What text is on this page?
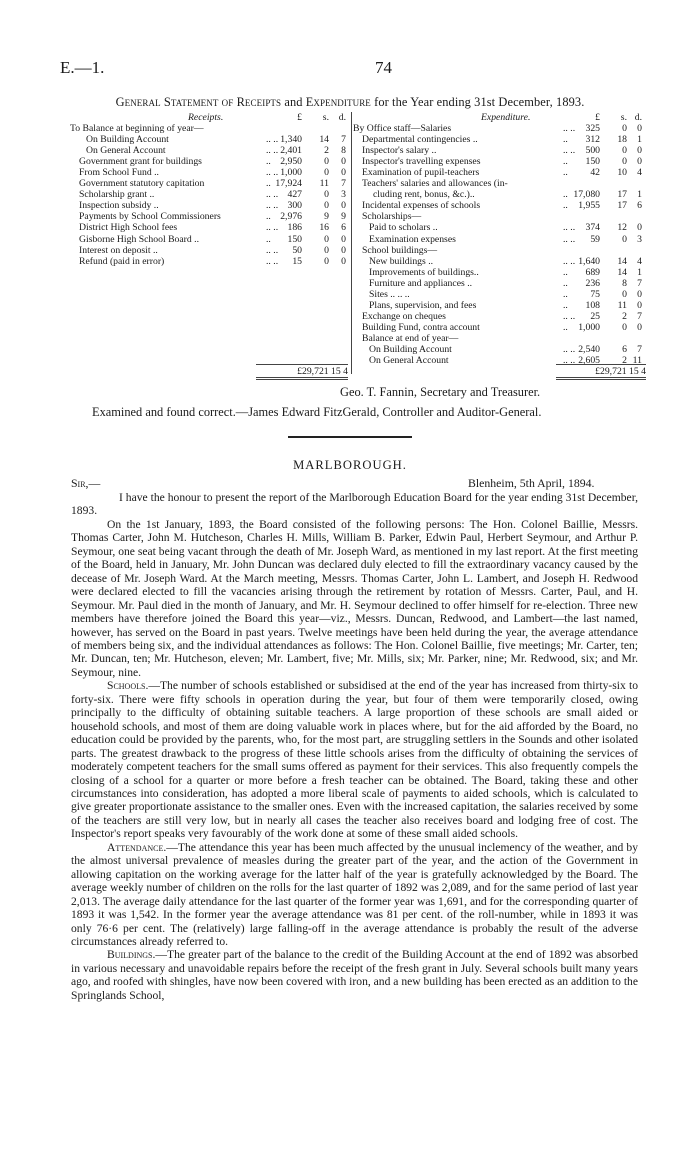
E.—1.	74
General Statement of Receipts and Expenditure for the Year ending 31st December, 1893.
Receipts.	£	s.	d.
To Balance at beginning of year—
On Building Account	.. .. 1,340	14	7
On General Account	.. .. 2,401	2	8
Government grant for buildings	.. 2,950	0	0
From School Fund ..	.. .. 1,000	0	0
Government statutory capitation	.. 17,924	11	7
Scholarship grant ..	.. .. 427	0	3
Inspection subsidy ..	.. .. 300	0	0
Payments by School Commissioners	.. 2,976	9	9
District High School fees	.. .. 186	16	6
Gisborne High School Board ..	..	150	0	0
Interest on deposit ..	.. ..	50	0	0
Refund (paid in error)	.. ..	15	0	0
Expenditure.	£	s. d.
By Office staff—Salaries	.. ..	325	0	0
Departmental contingencies ..	..	312	18	1
Inspector's salary ..	.. ..	500	0	0
Inspector's travelling expenses	..	150	0	0
Examination of pupil-teachers	..	42	10	4
Teachers' salaries and allowances (in-
cluding rent, bonus, &c.)..	.. 17,080	17	1
Incidental expenses of schools	..	1,955	17	6
Scholarships—
Paid to scholars ..	.. ..	374	12	0
Examination expenses	.. ..	59	0	3
School buildings—
New buildings ..	.. .. 1,640	14	4
Improvements of buildings..	..	689	14	1
Furniture and appliances ..	..	236	8	7
Sites .. .. ..	..	75	0	0
Plans, supervision, and fees	..	108	11	0
Exchange on cheques	.. ..	25	2	7
Building Fund, contra account	..	1,000	0	0
Balance at end of year—
On Building Account	.. .. 2,540	6	7
On General Account	.. .. 2,605	2 11
£29,721 15 4	£29,721 15 4
Geo. T. Fannin, Secretary and Treasurer.
Examined and found correct.—James Edward FitzGerald, Controller and Auditor-General.
MARLBOROUGH.
Sir,—	Blenheim, 5th April, 1894.

I have the honour to present the report of the Marlborough Education Board for the year ending 31st December, 1893.

On the 1st January, 1893, the Board consisted of the following persons: The Hon. Colonel Baillie, Messrs. Thomas Carter, John M. Hutcheson, Charles H. Mills, William B. Parker, Edwin Paul, Herbert Seymour, and Arthur P. Seymour, one seat being vacant through the death of Mr. Joseph Ward, as mentioned in my last report. At the first meeting of the Board, held in January, Mr. John Duncan was declared duly elected to fill the extraordinary vacancy caused by the decease of Mr. Joseph Ward. At the March meeting, Messrs. Thomas Carter, John L. Lambert, and Joseph H. Redwood were declared elected to fill the vacancies arising through the retirement by rotation of Messrs. Carter, Paul, and H. Seymour. Mr. Paul died in the month of January, and Mr. H. Seymour declined to offer himself for re-election. Three new members have therefore joined the Board this year—viz., Messrs. Duncan, Redwood, and Lambert—the last named, however, has served on the Board in past years. Twelve meetings have been held during the year, the average attendance of members being six, and the individual attendances as follows: The Hon. Colonel Baillie, five meetings; Mr. Carter, ten; Mr. Duncan, ten; Mr. Hutcheson, eleven; Mr. Lambert, five; Mr. Mills, six; Mr. Parker, nine; Mr. Redwood, six; and Mr. Seymour, nine.

Schools.—The number of schools established or subsidised at the end of the year has increased from thirty-six to forty-six. There were fifty schools in operation during the year, but four of them were temporarily closed, owing principally to the difficulty of obtaining suitable teachers. A large proportion of these schools are small aided or household schools, and most of them are doing valuable work in places where, but for the aid afforded by the Board, no education could be provided by the parents, who, for the most part, are struggling settlers in the Sounds and other isolated parts. The greatest drawback to the progress of these little schools arises from the difficulty of obtaining the services of moderately competent teachers for the small sums offered as payment for their services. This also frequently compels the closing of a school for a quarter or more before a fresh teacher can be obtained. The Board, taking these and other circumstances into consideration, has adopted a more liberal scale of payments to aided schools, which is calculated to give greater proportionate assistance to the smaller ones. Even with the increased capitation, the salaries received by some of the teachers are still very low, but in nearly all cases the teacher also receives board and lodging free of cost. The Inspector's report speaks very favourably of the work done at some of these small aided schools.

Attendance.—The attendance this year has been much affected by the unusual inclemency of the weather, and by the almost universal prevalence of measles during the greater part of the year, and the action of the Government in allowing capitation on the working average for the latter half of the year is gratefully acknowledged by the Board. The average weekly number of children on the rolls for the last quarter of 1892 was 2,089, and for the same period of last year 2,013. The average daily attendance for the last quarter of the former year was 1,691, and for the corresponding quarter of 1893 it was 1,542. In the former year the average attendance was 81 per cent. of the roll-number, while in 1893 it was only 76·6 per cent. The (relatively) large falling-off in the average attendance is probably the result of the adverse circumstances already referred to.

Buildings.—The greater part of the balance to the credit of the Building Account at the end of 1892 was absorbed in various necessary and unavoidable repairs before the receipt of the fresh grant in July. Several schools built many years ago, and roofed with shingles, have now been covered with iron, and a new building has been erected as an addition to the Springlands School,
